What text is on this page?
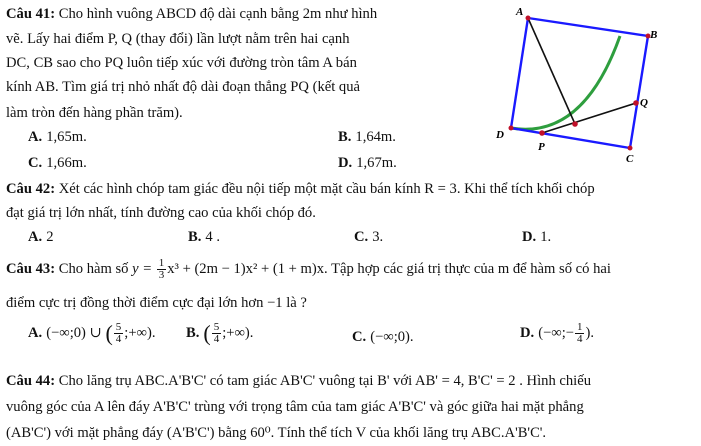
Câu 41: Cho hình vuông ABCD độ dài cạnh bằng 2m như hình
vẽ. Lấy hai điểm P, Q (thay đổi) lần lượt nằm trên hai cạnh
DC, CB sao cho PQ luôn tiếp xúc với đường tròn tâm A bán
kính AB. Tìm giá trị nhỏ nhất độ dài đoạn thẳng PQ (kết quả
làm tròn đến hàng phần trăm).
A. 1,65m.	B. 1,64m.
C. 1,66m.	D. 1,67m.
A
B
C
D
P
Q
Câu 42: Xét các hình chóp tam giác đều nội tiếp một mặt cầu bán kính R = 3. Khi thể tích khối chóp
đạt giá trị lớn nhất, tính đường cao của khối chóp đó.
A. 2	B. 4 .	C. 3.	D. 1.
Câu 43: Cho hàm số $y = \frac{1}{3} x^3 + (2m - 1)x^2 + (1 + m)x$. Tập hợp các giá trị thực của m để hàm số có hai
điểm cực trị đồng thời điểm cực đại lớn hơn −1 là ?
A. (−∞;0) ∪ ( $\frac{5}{4}$ ;+∞). B. ( $\frac{5}{4}$ ;+∞).	C. (−∞;0).	D. (−∞;− $\frac{1}{4}$ ).
Câu 44: Cho lăng trụ ABC.A'B'C' có tam giác AB'C' vuông tại B' với AB' = 4, B'C' = 2 . Hình chiếu
vuông góc của A lên đáy A'B'C' trùng với trọng tâm của tam giác A'B'C' và góc giữa hai mặt phẳng
(AB'C') với mặt phẳng đáy (A'B'C') bằng 60⁰. Tính thể tích V của khối lăng trụ ABC.A'B'C'.
